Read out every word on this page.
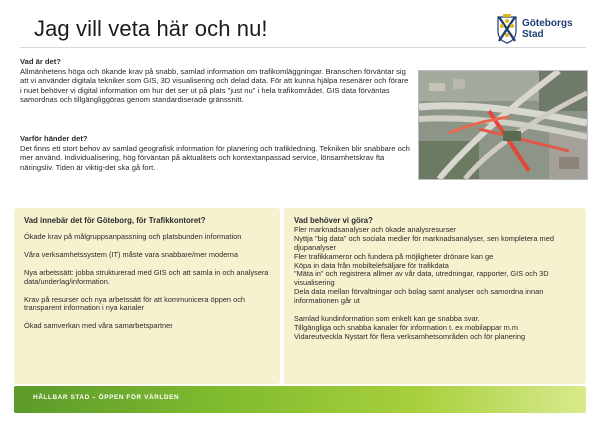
Jag vill veta här och nu!	Göteborgs
Stad
Vad är det?
Allmänhetens höga och ökande krav på snabb, samlad information om trafikomläggningar. Branschen förväntar sig att vi använder digitala tekniker som GIS, 3D visualisering och delad data. För att kunna hjälpa resenärer och förare i nuet behöver vi digital information om hur det ser ut på plats "just nu" i hela trafikområdet. GIS data förväntas samordnas och tillgängliggöras genom standardiserade gränssnitt.
Varför händer det?
Det finns ett stort behov av samlad geografisk information för planering och trafikledning. Tekniken blir snabbare och mer använd. Individualisering, hög förväntan på aktualitets och kontextanpassad service, lönsamhetskrav fta näringsliv. Tiden är viktig-det ska gå fort.
Vad innebär det för Göteborg, för Trafikkontoret?
Ökade krav på målgruppsanpassning och platsbunden information
Våra verksamhetssystem (IT) måste vara snabbare/mer moderna
Nya arbetssätt: jobba strukturerad med GIS och att samla in och analysera data/underlag/information.
Krav på resurser och nya arbetssätt för att kommunicera öppen och transparent information i nya kanaler
Ökad samverkan med våra samarbetspartner
Vad behöver vi göra?
Fler marknadsanalyser och ökade analysresurser
Nyttja "big data" och sociala medier för marknadsanalyser, sen kompletera med djupanalyser
Fler trafikkameror och fundera på möjligheter drönare kan ge
Köpa in data från mobiltelefsäljare för trafikdata
"Mäta in" och registrera allmer av vår data, utredningar, rapporter, GIS och 3D visualisering
Dela data mellan förvaltningar och bolag samt analyser och samordna innan informationen går ut
Samlad kundinformation som enkelt kan ge snabba svar.
Tillgängliga och snabba kanaler för information t. ex mobilappar m.m
Vidareutveckla Nystart för flera verksamhetsområden och för planering
HÅLLBAR STAD – ÖPPEN FÖR VÄRLDEN
